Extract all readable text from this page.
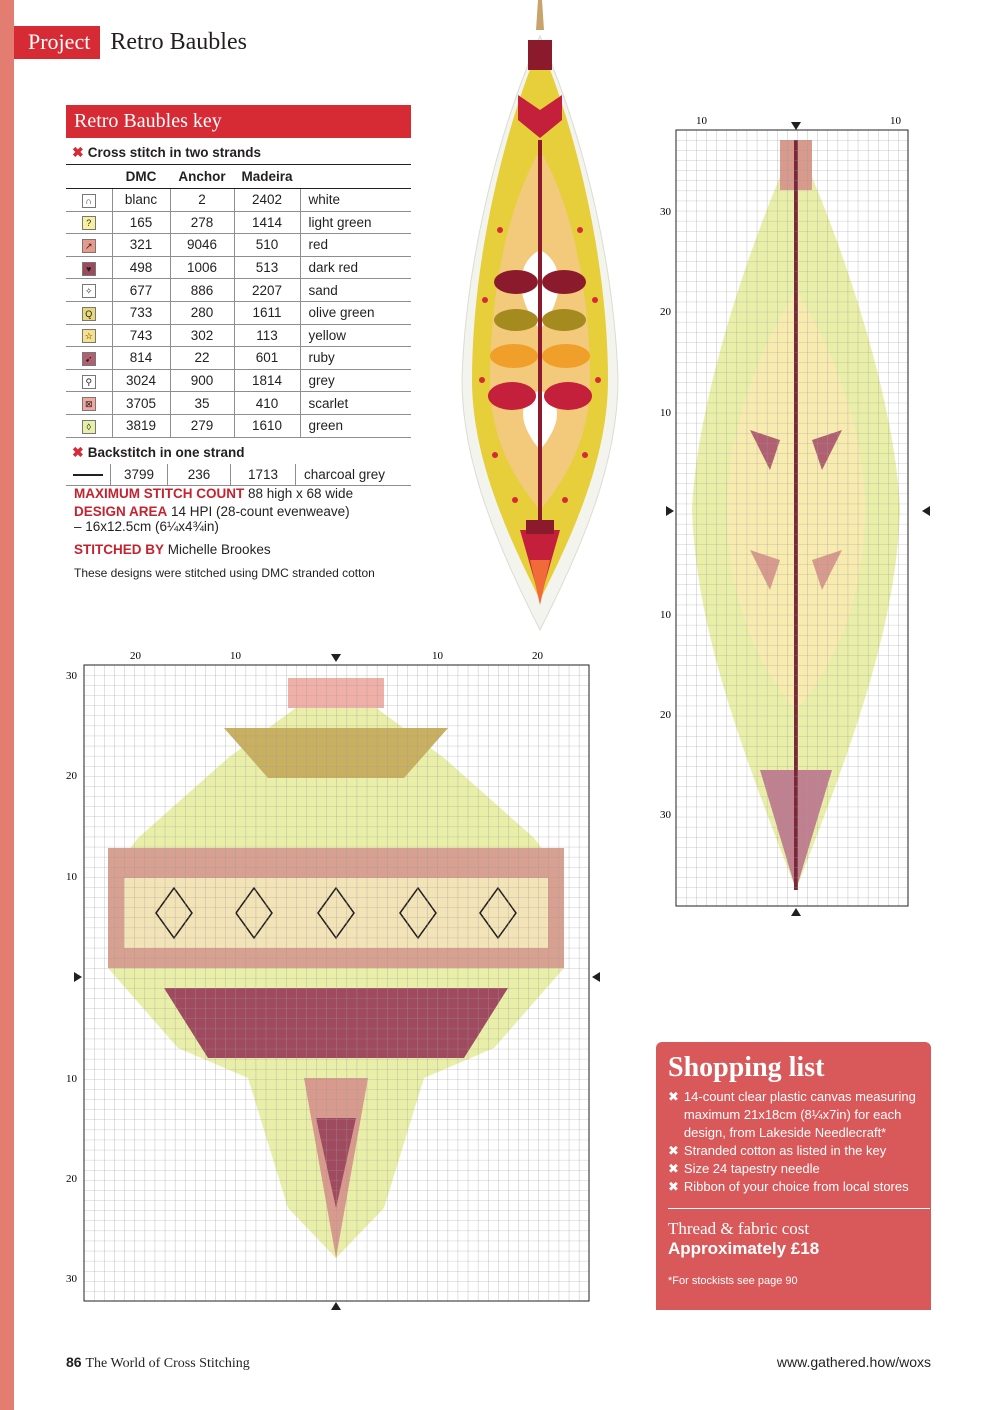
Project Retro Baubles
Retro Baubles key
✖ Cross stitch in two strands
	DMC	Anchor	Madeira	
∩	blanc	2	2402	white
?	165	278	1414	light green
↗	321	9046	510	red
♥	498	1006	513	dark red
✧	677	886	2207	sand
Q	733	280	1611	olive green
☆	743	302	113	yellow
➹	814	22	601	ruby
⚲	3024	900	1814	grey
⊠	3705	35	410	scarlet
◊	3819	279	1610	green
✖ Backstitch in one strand
	3799	236	1713	charcoal grey
MAXIMUM STITCH COUNT 88 high x 68 wide
DESIGN AREA 14 HPI (28-count evenweave)
– 16x12.5cm (6¼x4¾in)
STITCHED BY Michelle Brookes
These designs were stitched using DMC stranded cotton
10	10
30
20
10
10
20
30
20	10	10	20
30
20
10
10
20
30
Shopping list
✖ 14-count clear plastic canvas measuring maximum 21x18cm (8¼x7in) for each design, from Lakeside Needlecraft*
✖ Stranded cotton as listed in the key
✖ Size 24 tapestry needle
✖ Ribbon of your choice from local stores
Thread & fabric cost
Approximately £18
*For stockists see page 90
86 The World of Cross Stitching	www.gathered.how/woxs
